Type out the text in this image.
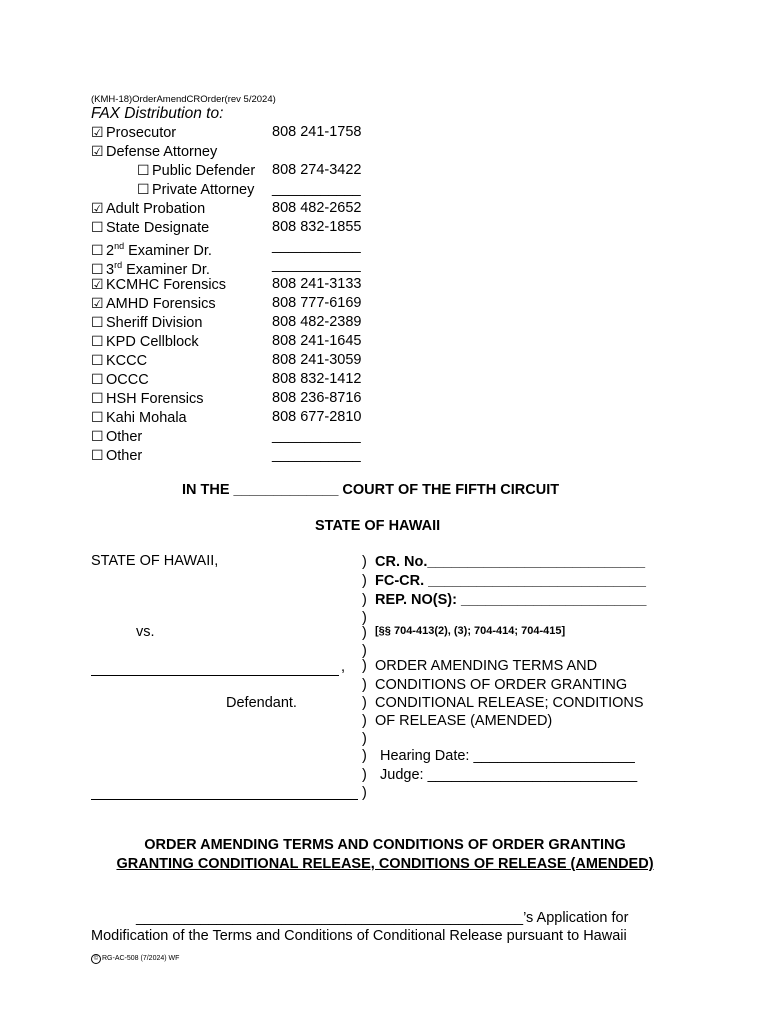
(KMH-18)OrderAmendCROrder(rev 5/2024)
FAX Distribution to:
☑ Prosecutor	808 241-1758
☑ Defense Attorney
☐ Public Defender 808 274-3422
☐ Private Attorney ___________
☑ Adult Probation	808 482-2652
☐ State Designate	808 832-1855
☐ 2nd Examiner Dr.	___________
☐ 3rd Examiner Dr.	___________
☑ KCMHC Forensics	808 241-3133
☑ AMHD Forensics	808 777-6169
☐ Sheriff Division	808 482-2389
☐ KPD Cellblock	808 241-1645
☐ KCCC	808 241-3059
☐ OCCC	808 832-1412
☐ HSH Forensics	808 236-8716
☐ Kahi Mohala	808 677-2810
☐ Other	___________
☐ Other	___________
IN THE _____________ COURT OF THE FIFTH CIRCUIT
STATE OF HAWAII
STATE OF HAWAII,
vs.
,
Defendant.
)
)
)
)
)
)
)
)
)
)
)
)
)
)
CR. No.___________________________
FC-CR. ___________________________
REP. NO(S): _______________________
[§§ 704-413(2), (3); 704-414; 704-415]
ORDER AMENDING TERMS AND
CONDITIONS OF ORDER GRANTING
CONDITIONAL RELEASE; CONDITIONS
OF RELEASE (AMENDED)
Hearing Date: ____________________
Judge: __________________________
ORDER AMENDING TERMS AND CONDITIONS OF ORDER GRANTING
GRANTING CONDITIONAL RELEASE, CONDITIONS OF RELEASE (AMENDED)
________________________________________________’s Application for
Modification of the Terms and Conditions of Conditional Release pursuant to Hawaii
© RG-AC-508 (7/2024) WF
